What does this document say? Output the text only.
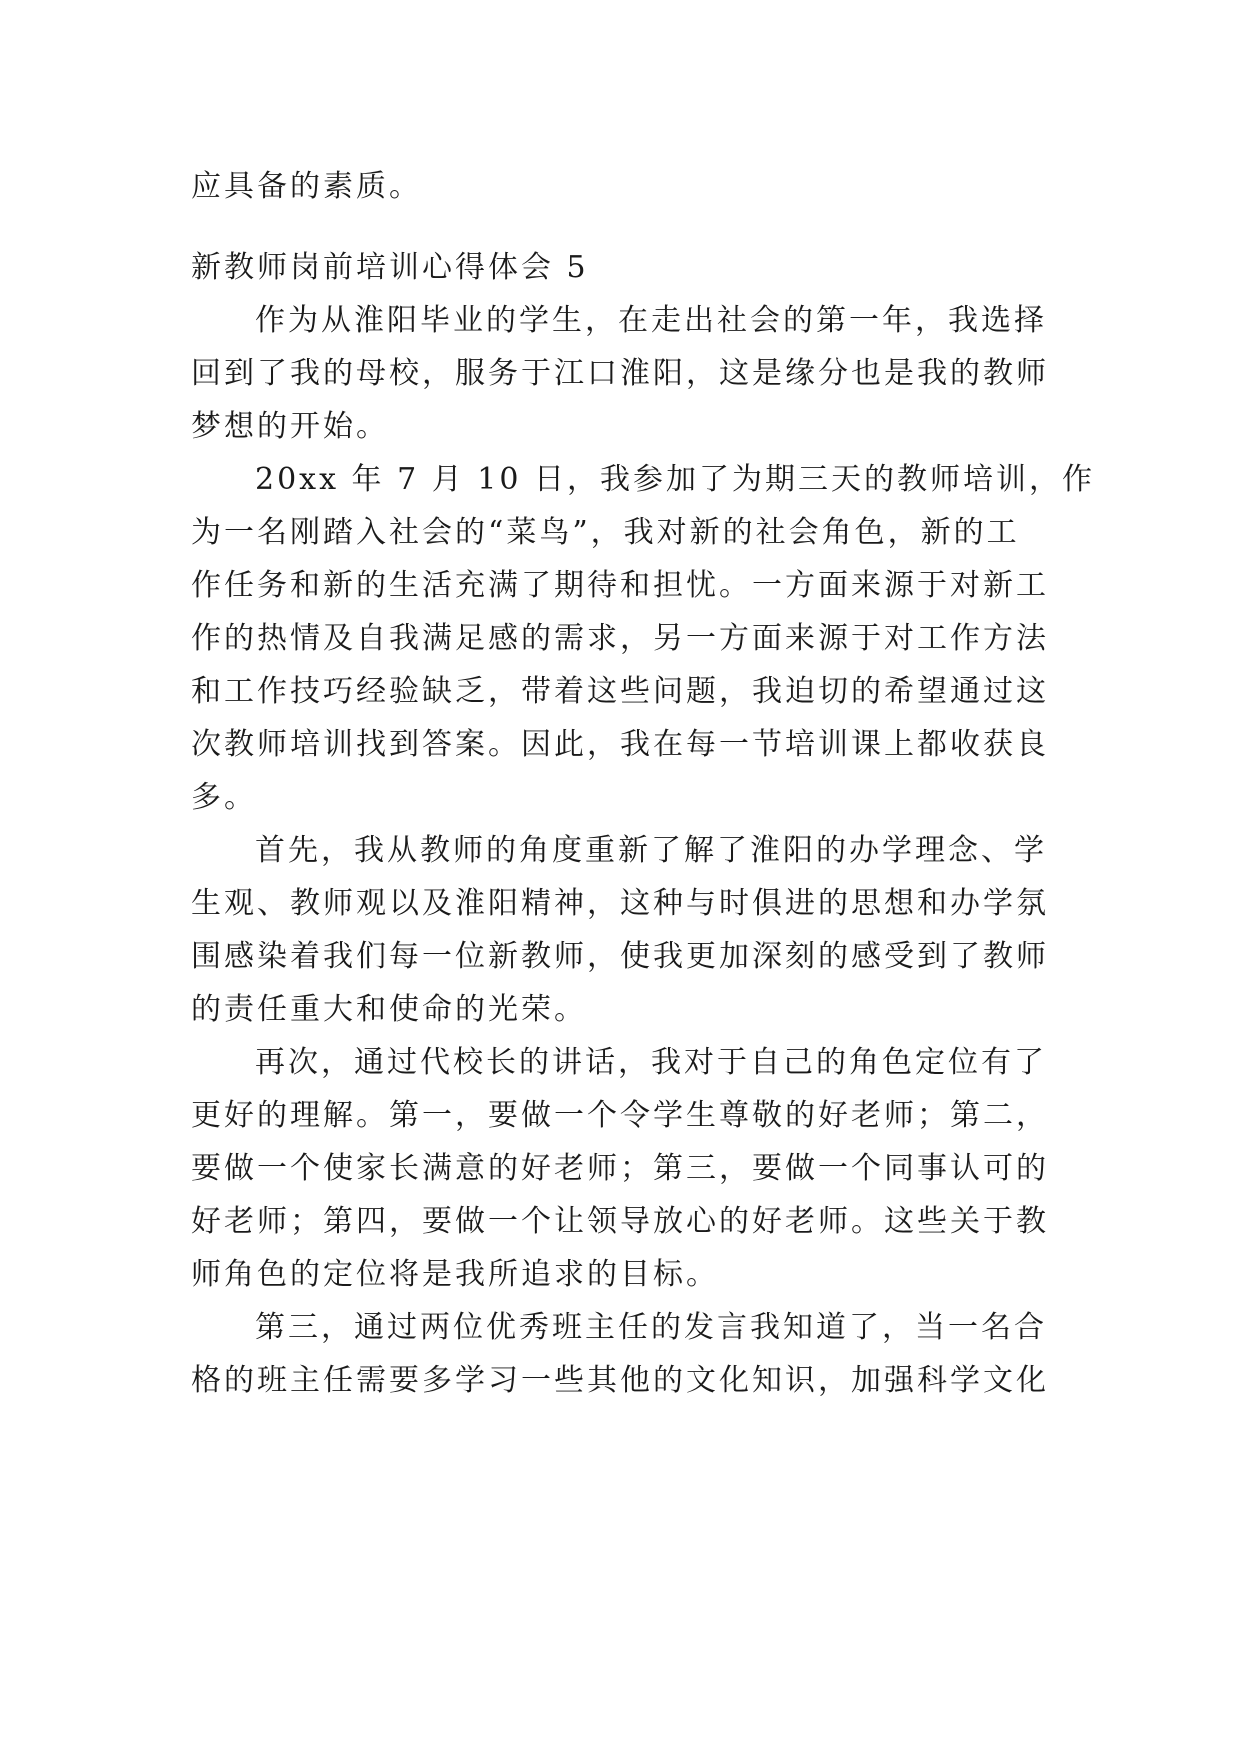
应具备的素质。
新教师岗前培训心得体会 5
作为从淮阳毕业的学生，在走出社会的第一年，我选择
回到了我的母校，服务于江口淮阳，这是缘分也是我的教师
梦想的开始。
20xx 年 7 月 10 日，我参加了为期三天的教师培训，作
为一名刚踏入社会的“菜鸟”，我对新的社会角色，新的工
作任务和新的生活充满了期待和担忧。一方面来源于对新工
作的热情及自我满足感的需求，另一方面来源于对工作方法
和工作技巧经验缺乏，带着这些问题，我迫切的希望通过这
次教师培训找到答案。因此，我在每一节培训课上都收获良
多。
首先，我从教师的角度重新了解了淮阳的办学理念、学
生观、教师观以及淮阳精神，这种与时俱进的思想和办学氛
围感染着我们每一位新教师，使我更加深刻的感受到了教师
的责任重大和使命的光荣。
再次，通过代校长的讲话，我对于自己的角色定位有了
更好的理解。第一，要做一个令学生尊敬的好老师；第二，
要做一个使家长满意的好老师；第三，要做一个同事认可的
好老师；第四，要做一个让领导放心的好老师。这些关于教
师角色的定位将是我所追求的目标。
第三，通过两位优秀班主任的发言我知道了，当一名合
格的班主任需要多学习一些其他的文化知识，加强科学文化
